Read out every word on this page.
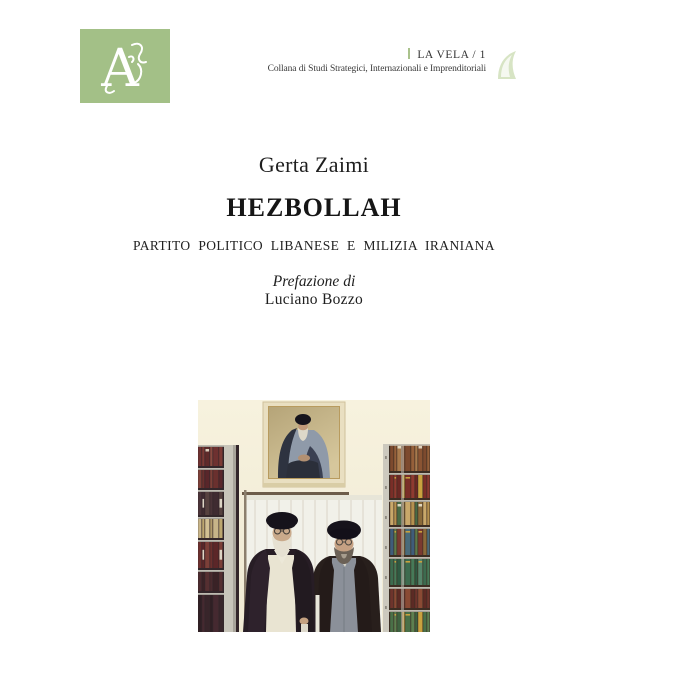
A	LA VELA / 1
Collana di Studi Strategici, Internazionali e Imprenditoriali
Gerta Zaimi
HEZBOLLAH
PARTITO POLITICO LIBANESE E MILIZIA IRANIANA
Prefazione di
Luciano Bozzo
